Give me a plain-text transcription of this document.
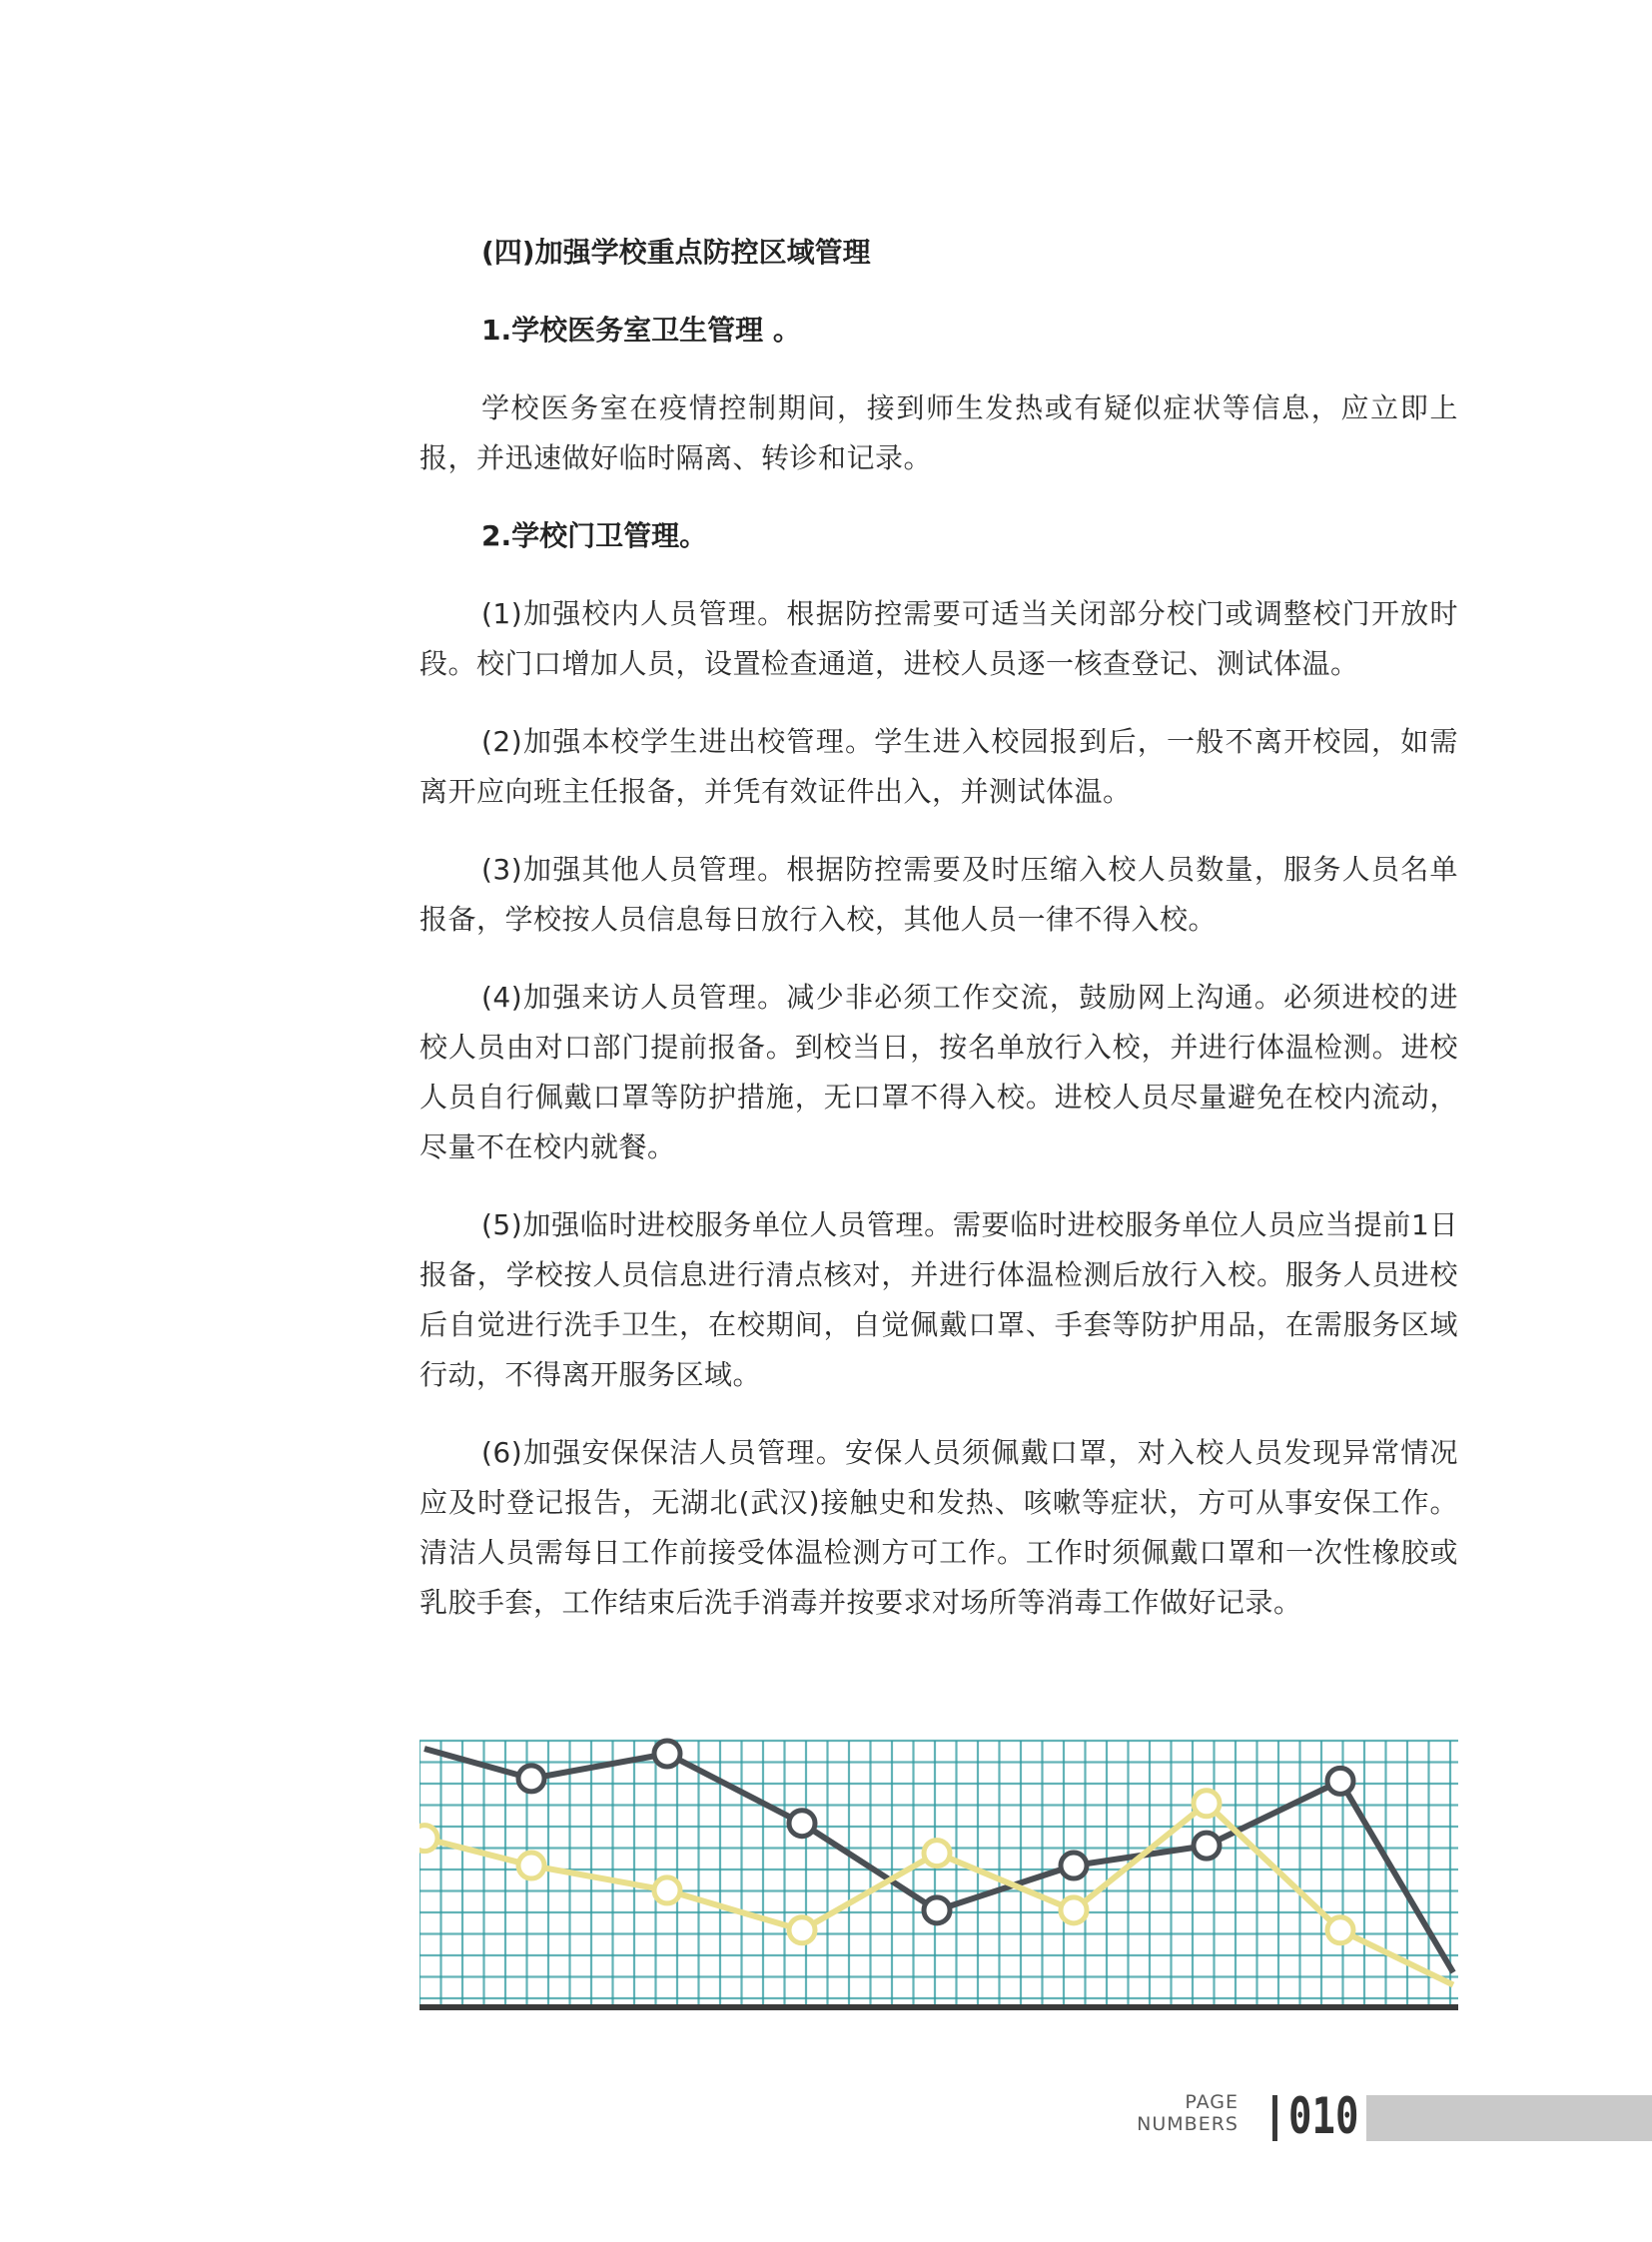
(四)加强学校重点防控区域管理
1.学校医务室卫生管理 。
学校医务室在疫情控制期间，接到师生发热或有疑似症状等信息，应立即上报，并迅速做好临时隔离、转诊和记录。
2.学校门卫管理。
(1)加强校内人员管理。根据防控需要可适当关闭部分校门或调整校门开放时段。校门口增加人员，设置检查通道，进校人员逐一核查登记、测试体温。
(2)加强本校学生进出校管理。学生进入校园报到后，一般不离开校园，如需离开应向班主任报备，并凭有效证件出入，并测试体温。
(3)加强其他人员管理。根据防控需要及时压缩入校人员数量，服务人员名单报备，学校按人员信息每日放行入校，其他人员一律不得入校。
(4)加强来访人员管理。减少非必须工作交流，鼓励网上沟通。必须进校的进校人员由对口部门提前报备。到校当日，按名单放行入校，并进行体温检测。进校人员自行佩戴口罩等防护措施，无口罩不得入校。进校人员尽量避免在校内流动，尽量不在校内就餐。
(5)加强临时进校服务单位人员管理。需要临时进校服务单位人员应当提前1日报备，学校按人员信息进行清点核对，并进行体温检测后放行入校。服务人员进校后自觉进行洗手卫生，在校期间，自觉佩戴口罩、手套等防护用品，在需服务区域行动，不得离开服务区域。
(6)加强安保保洁人员管理。安保人员须佩戴口罩，对入校人员发现异常情况应及时登记报告，无湖北(武汉)接触史和发热、咳嗽等症状，方可从事安保工作。清洁人员需每日工作前接受体温检测方可工作。工作时须佩戴口罩和一次性橡胶或乳胶手套，工作结束后洗手消毒并按要求对场所等消毒工作做好记录。
PAGE
NUMBERS 010
